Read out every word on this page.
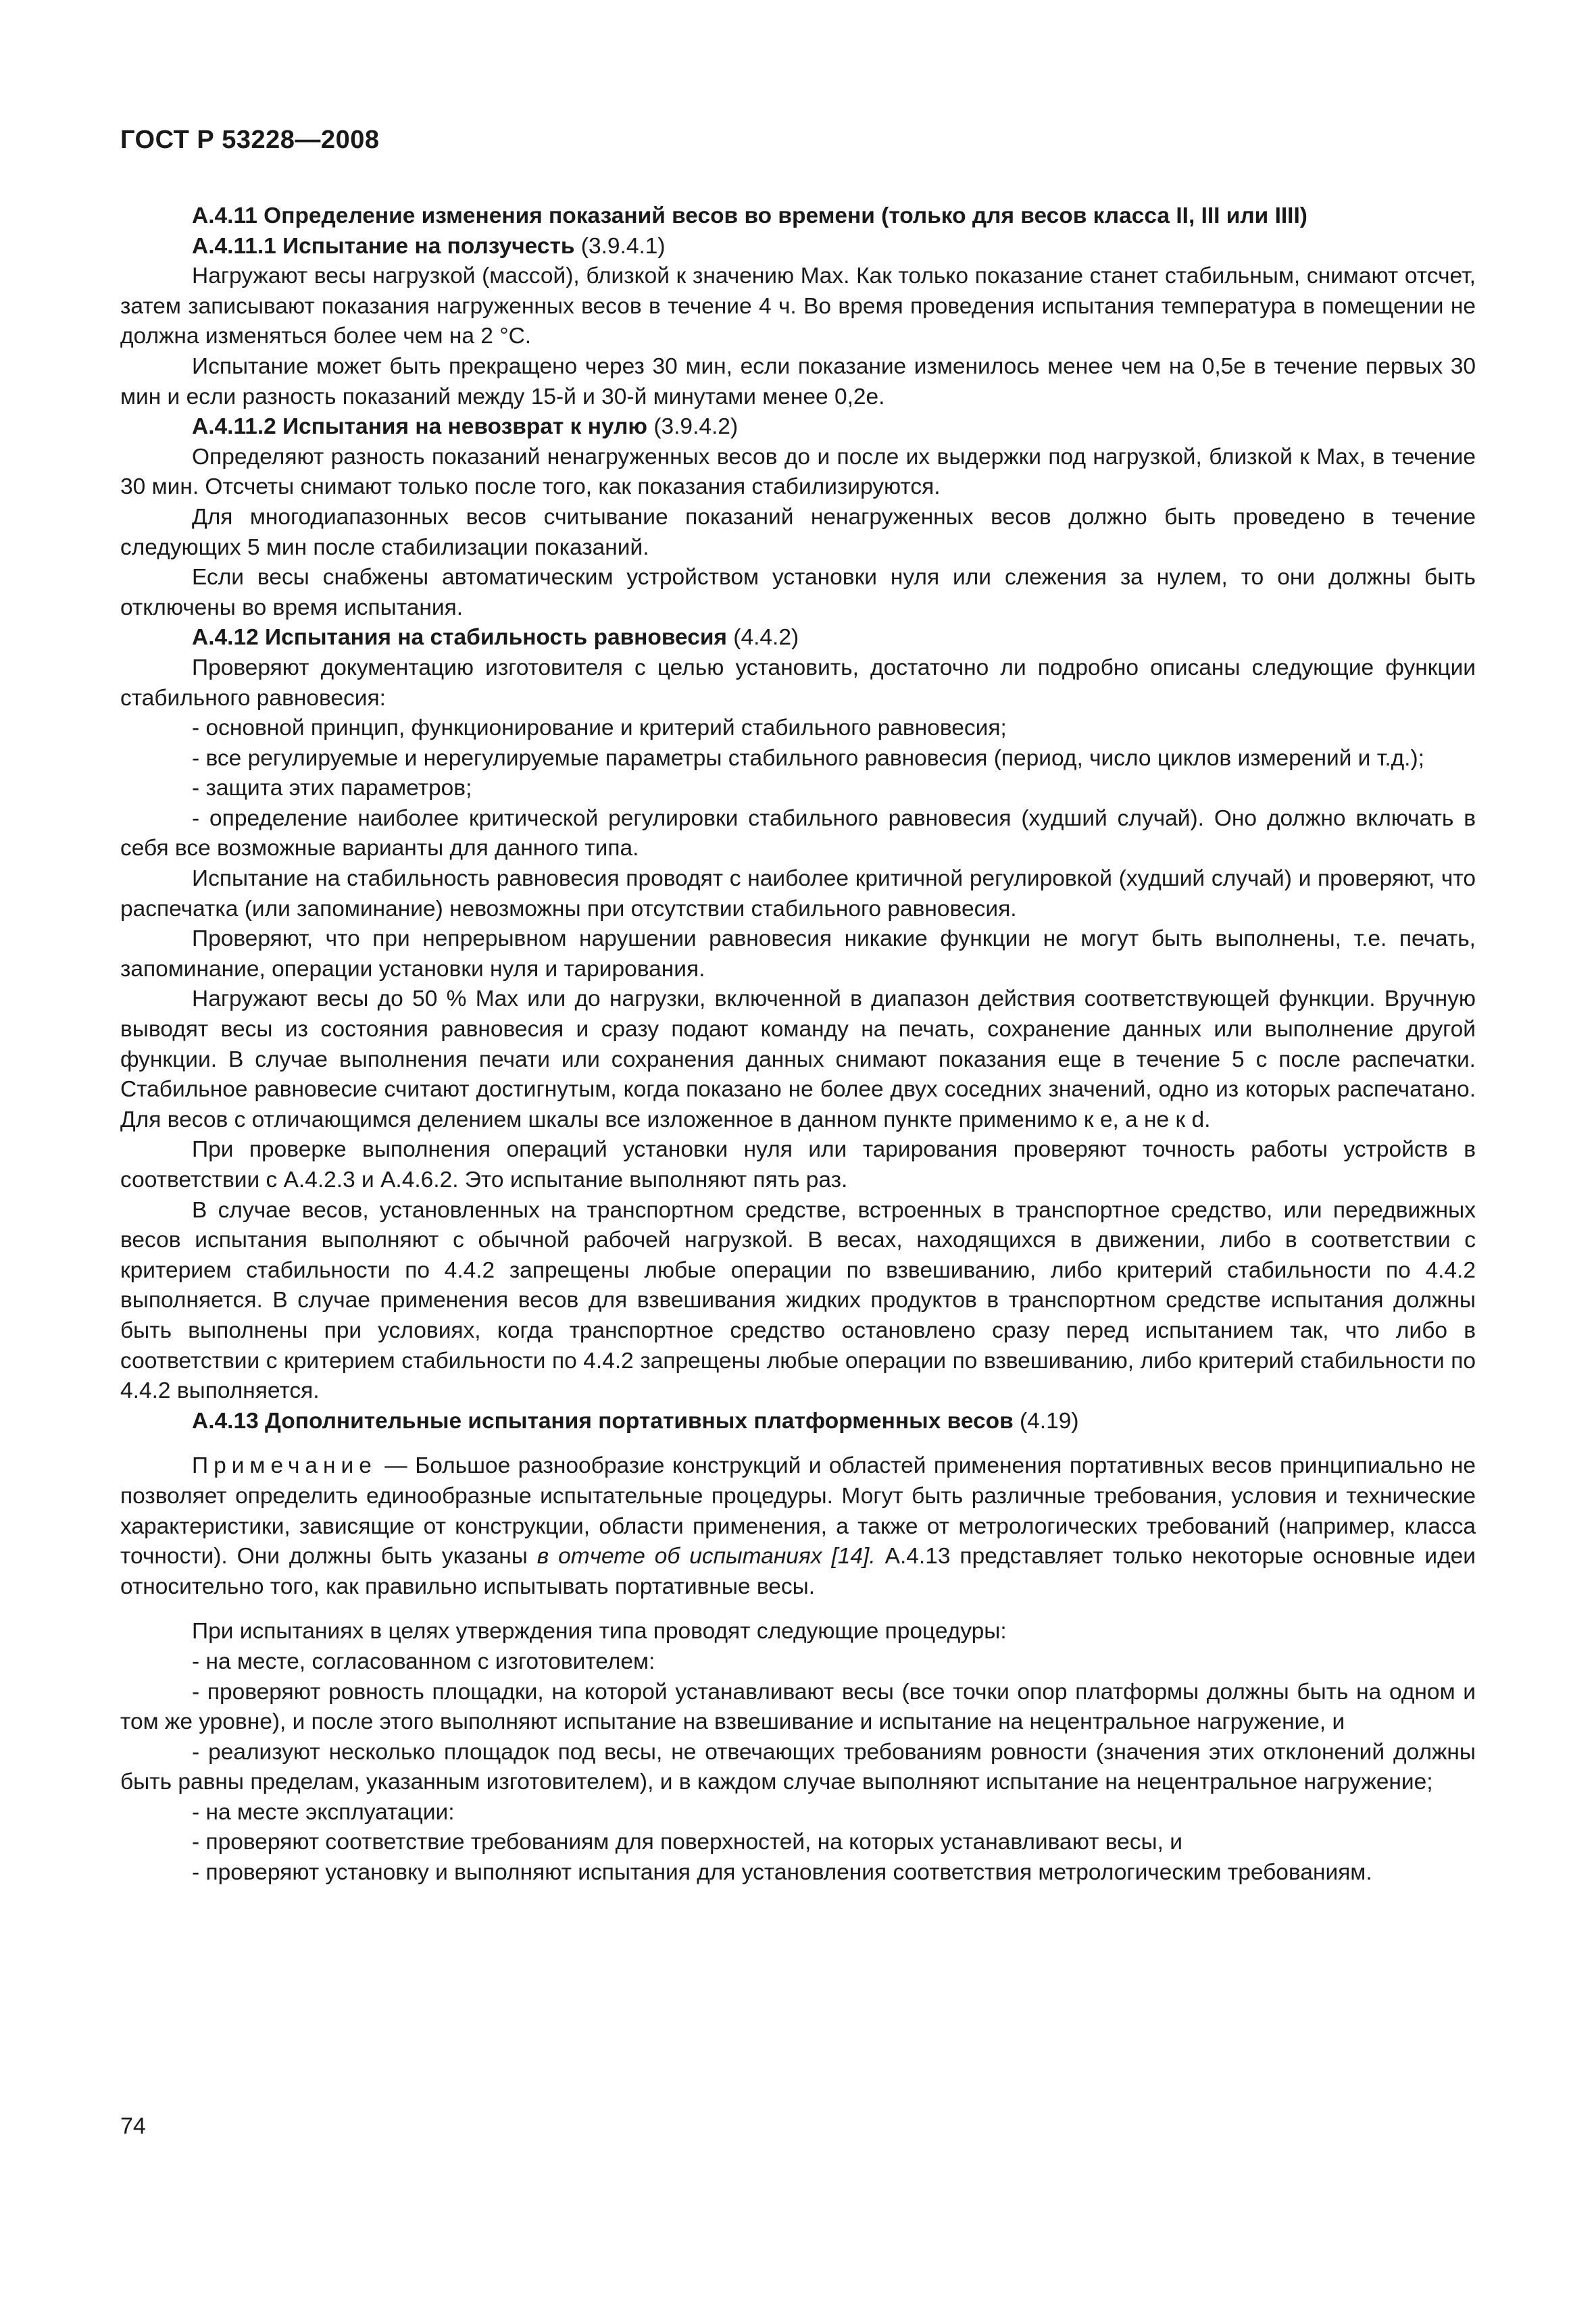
ГОСТ Р 53228—2008

А.4.11 Определение изменения показаний весов во времени (только для весов класса II, III или IIII)

А.4.11.1 Испытание на ползучесть (3.9.4.1)

Нагружают весы нагрузкой (массой), близкой к значению Max. Как только показание станет стабильным, снимают отсчет, затем записывают показания нагруженных весов в течение 4 ч. Во время проведения испытания температура в помещении не должна изменяться более чем на 2 °С.

Испытание может быть прекращено через 30 мин, если показание изменилось менее чем на 0,5е в течение первых 30 мин и если разность показаний между 15-й и 30-й минутами менее 0,2е.

А.4.11.2 Испытания на невозврат к нулю (3.9.4.2)

Определяют разность показаний ненагруженных весов до и после их выдержки под нагрузкой, близкой к Max, в течение 30 мин. Отсчеты снимают только после того, как показания стабилизируются.

Для многодиапазонных весов считывание показаний ненагруженных весов должно быть проведено в течение следующих 5 мин после стабилизации показаний.

Если весы снабжены автоматическим устройством установки нуля или слежения за нулем, то они должны быть отключены во время испытания.

А.4.12 Испытания на стабильность равновесия (4.4.2)

Проверяют документацию изготовителя с целью установить, достаточно ли подробно описаны следующие функции стабильного равновесия:

- основной принцип, функционирование и критерий стабильного равновесия;

- все регулируемые и нерегулируемые параметры стабильного равновесия (период, число циклов измерений и т.д.);

- защита этих параметров;

- определение наиболее критической регулировки стабильного равновесия (худший случай). Оно должно включать в себя все возможные варианты для данного типа.

Испытание на стабильность равновесия проводят с наиболее критичной регулировкой (худший случай) и проверяют, что распечатка (или запоминание) невозможны при отсутствии стабильного равновесия.

Проверяют, что при непрерывном нарушении равновесия никакие функции не могут быть выполнены, т.е. печать, запоминание, операции установки нуля и тарирования.

Нагружают весы до 50 % Max или до нагрузки, включенной в диапазон действия соответствующей функции. Вручную выводят весы из состояния равновесия и сразу подают команду на печать, сохранение данных или выполнение другой функции. В случае выполнения печати или сохранения данных снимают показания еще в течение 5 с после распечатки. Стабильное равновесие считают достигнутым, когда показано не более двух соседних значений, одно из которых распечатано. Для весов с отличающимся делением шкалы все изложенное в данном пункте применимо к е, а не к d.

При проверке выполнения операций установки нуля или тарирования проверяют точность работы устройств в соответствии с А.4.2.3 и А.4.6.2. Это испытание выполняют пять раз.

В случае весов, установленных на транспортном средстве, встроенных в транспортное средство, или передвижных весов испытания выполняют с обычной рабочей нагрузкой. В весах, находящихся в движении, либо в соответствии с критерием стабильности по 4.4.2 запрещены любые операции по взвешиванию, либо критерий стабильности по 4.4.2 выполняется. В случае применения весов для взвешивания жидких продуктов в транспортном средстве испытания должны быть выполнены при условиях, когда транспортное средство остановлено сразу перед испытанием так, что либо в соответствии с критерием стабильности по 4.4.2 запрещены любые операции по взвешиванию, либо критерий стабильности по 4.4.2 выполняется.

А.4.13 Дополнительные испытания портативных платформенных весов (4.19)

Примечание — Большое разнообразие конструкций и областей применения портативных весов принципиально не позволяет определить единообразные испытательные процедуры. Могут быть различные требования, условия и технические характеристики, зависящие от конструкции, области применения, а также от метрологических требований (например, класса точности). Они должны быть указаны в отчете об испытаниях [14]. А.4.13 представляет только некоторые основные идеи относительно того, как правильно испытывать портативные весы.

При испытаниях в целях утверждения типа проводят следующие процедуры:

- на месте, согласованном с изготовителем:

- проверяют ровность площадки, на которой устанавливают весы (все точки опор платформы должны быть на одном и том же уровне), и после этого выполняют испытание на взвешивание и испытание на нецентральное нагружение, и

- реализуют несколько площадок под весы, не отвечающих требованиям ровности (значения этих отклонений должны быть равны пределам, указанным изготовителем), и в каждом случае выполняют испытание на нецентральное нагружение;

- на месте эксплуатации:

- проверяют соответствие требованиям для поверхностей, на которых устанавливают весы, и

- проверяют установку и выполняют испытания для установления соответствия метрологическим требованиям.

74
